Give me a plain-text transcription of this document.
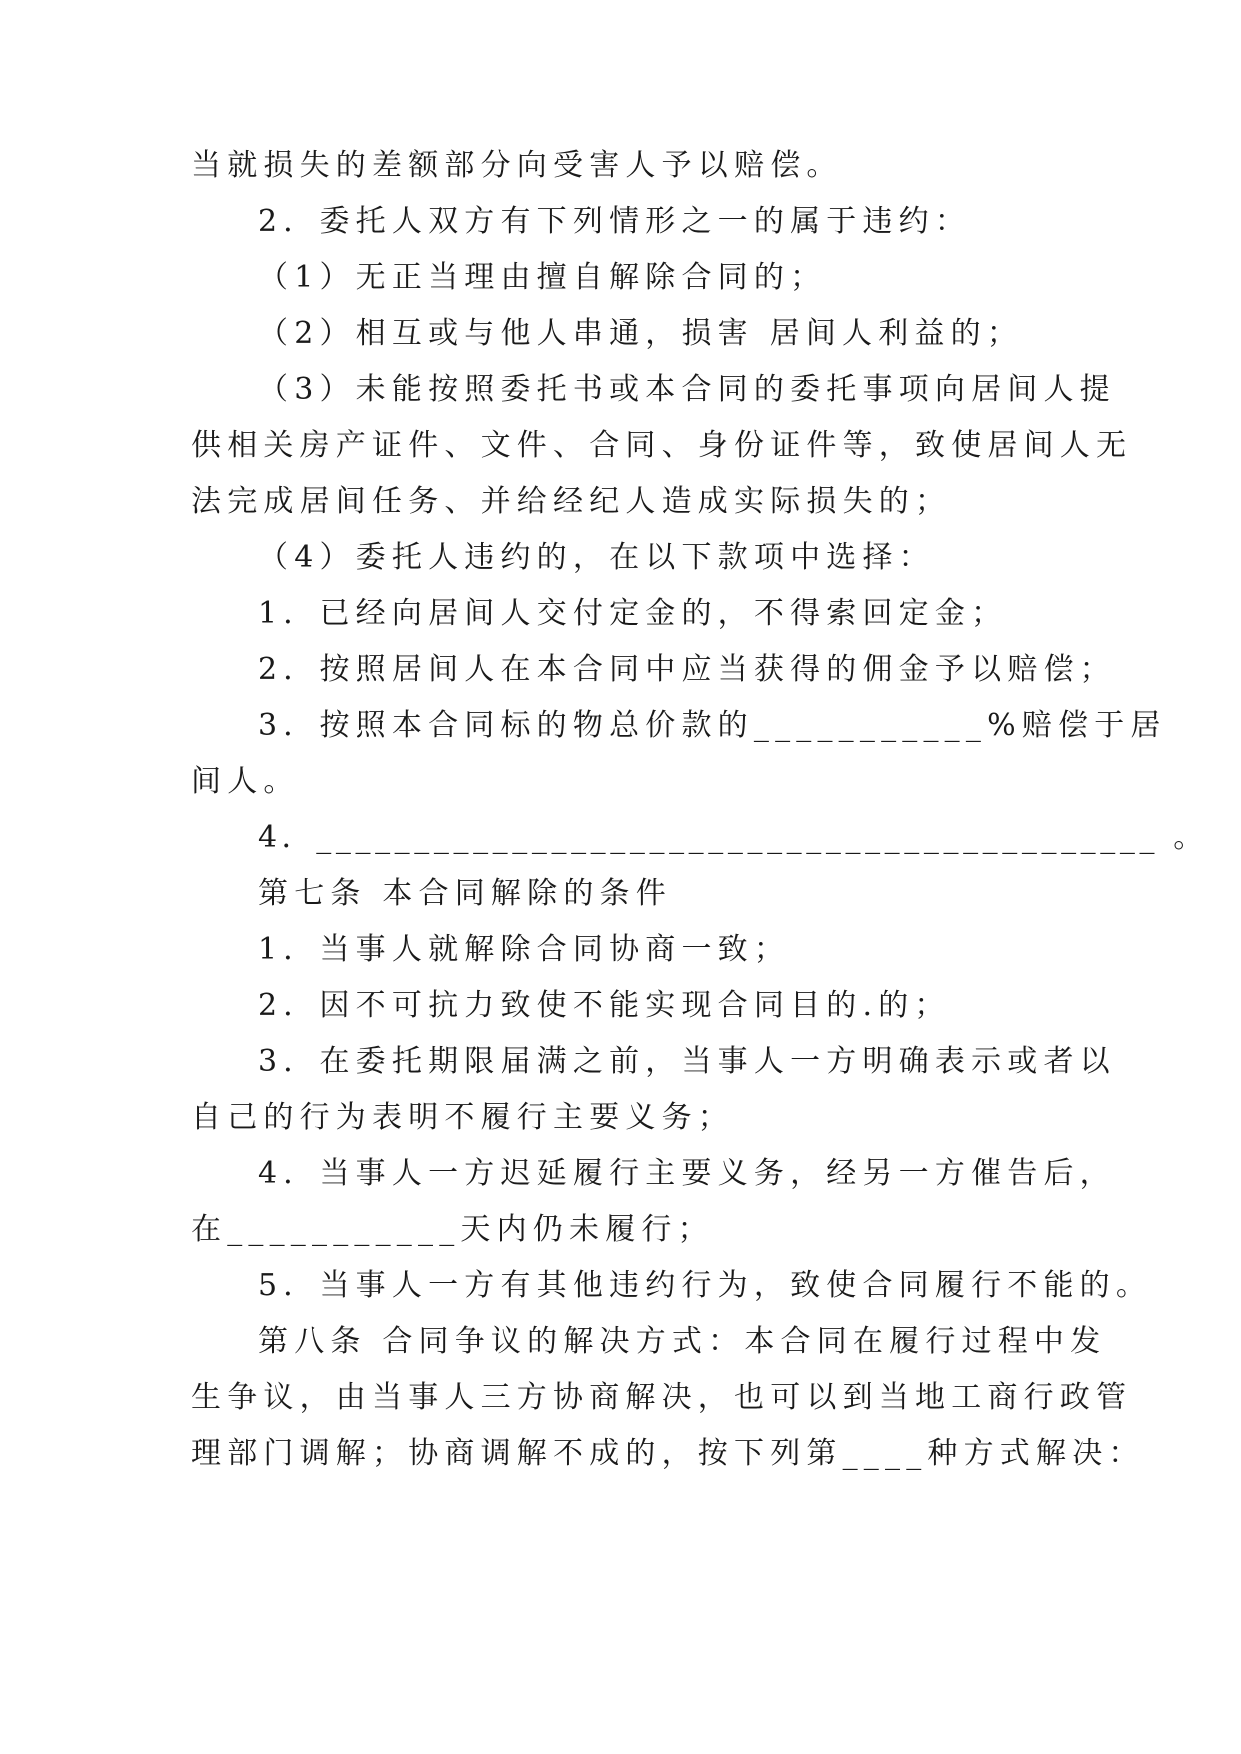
当就损失的差额部分向受害人予以赔偿。
2．委托人双方有下列情形之一的属于违约：
（1）无正当理由擅自解除合同的；
（2）相互或与他人串通，损害 居间人利益的；
（3）未能按照委托书或本合同的委托事项向居间人提
供相关房产证件、文件、合同、身份证件等，致使居间人无
法完成居间任务、并给经纪人造成实际损失的；
（4）委托人违约的，在以下款项中选择：
1．已经向居间人交付定金的，不得索回定金；
2．按照居间人在本合同中应当获得的佣金予以赔偿；
3．按照本合同标的物总价款的___________%赔偿于居
间人。
4．___________________________________________ 。
第七条 本合同解除的条件
1．当事人就解除合同协商一致；
2．因不可抗力致使不能实现合同目的.的；
3．在委托期限届满之前，当事人一方明确表示或者以
自己的行为表明不履行主要义务；
4．当事人一方迟延履行主要义务，经另一方催告后，
在___________天内仍未履行；
5．当事人一方有其他违约行为，致使合同履行不能的。
第八条 合同争议的解决方式：本合同在履行过程中发
生争议，由当事人三方协商解决，也可以到当地工商行政管
理部门调解；协商调解不成的，按下列第____种方式解决：
